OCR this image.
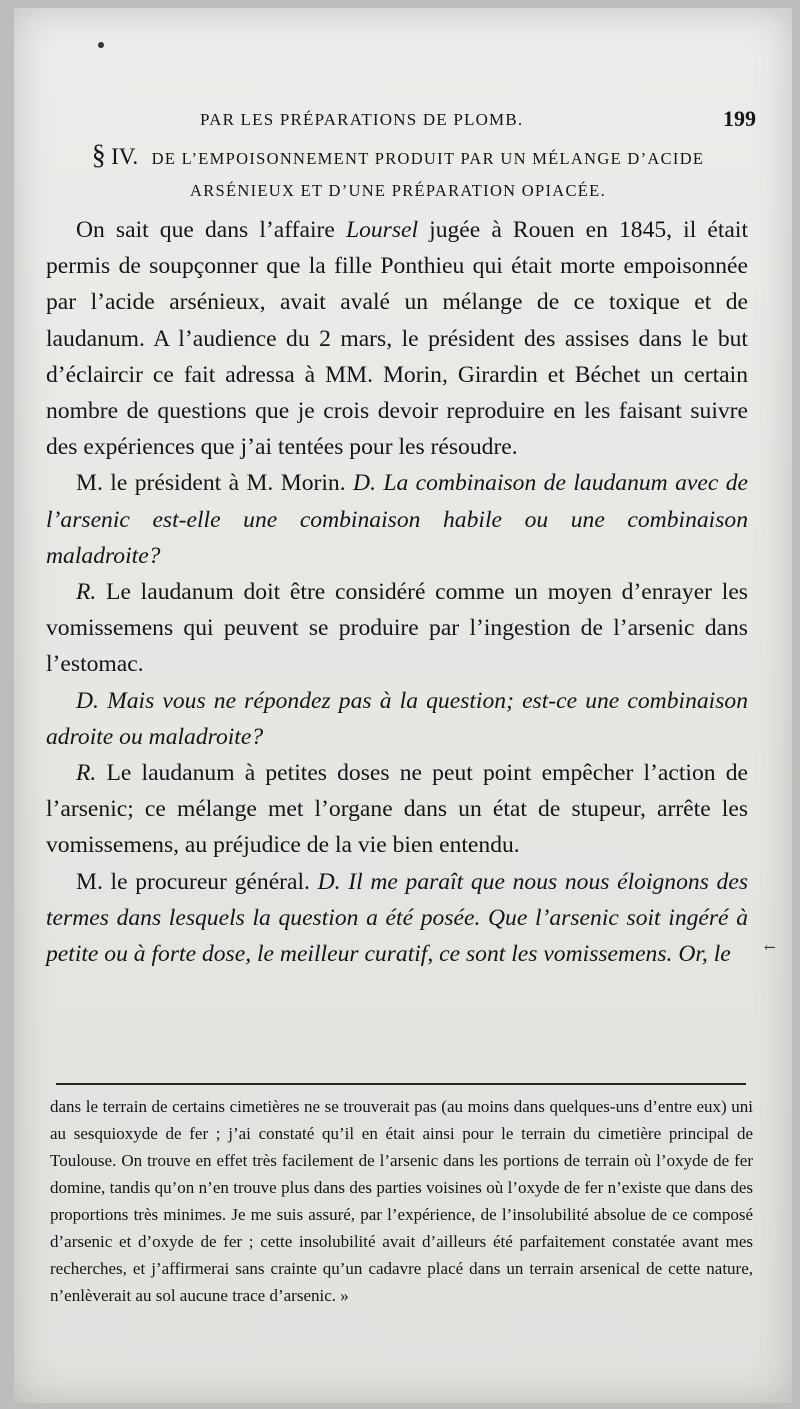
PAR LES PRÉPARATIONS DE PLOMB.	199
§ IV. DE L’EMPOISONNEMENT PRODUIT PAR UN MÉLANGE D’ACIDE ARSÉNIEUX ET D’UNE PRÉPARATION OPIACÉE.

On sait que dans l’affaire Loursel jugée à Rouen en 1845, il était permis de soupçonner que la fille Ponthieu qui était morte empoisonnée par l’acide arsénieux, avait avalé un mélange de ce toxique et de laudanum. A l’audience du 2 mars, le président des assises dans le but d’éclaircir ce fait adressa à MM. Morin, Girardin et Béchet un certain nombre de questions que je crois devoir reproduire en les faisant suivre des expériences que j’ai tentées pour les résoudre.

M. le président à M. Morin. D. La combinaison de laudanum avec de l’arsenic est-elle une combinaison habile ou une combinaison maladroite?

R. Le laudanum doit être considéré comme un moyen d’enrayer les vomissemens qui peuvent se produire par l’ingestion de l’arsenic dans l’estomac.

D. Mais vous ne répondez pas à la question; est-ce une combinaison adroite ou maladroite?

R. Le laudanum à petites doses ne peut point empêcher l’action de l’arsenic; ce mélange met l’organe dans un état de stupeur, arrête les vomissemens, au préjudice de la vie bien entendu.

M. le procureur général. D. Il me paraît que nous nous éloignons des termes dans lesquels la question a été posée. Que l’arsenic soit ingéré à petite ou à forte dose, le meilleur curatif, ce sont les vomissemens. Or, le	←

dans le terrain de certains cimetières ne se trouverait pas (au moins dans quelques-uns d’entre eux) uni au sesquioxyde de fer ; j’ai constaté qu’il en était ainsi pour le terrain du cimetière principal de Toulouse. On trouve en effet très facilement de l’arsenic dans les portions de terrain où l’oxyde de fer domine, tandis qu’on n’en trouve plus dans des parties voisines où l’oxyde de fer n’existe que dans des proportions très minimes. Je me suis assuré, par l’expérience, de l’insolubilité absolue de ce composé d’arsenic et d’oxyde de fer ; cette insolubilité avait d’ailleurs été parfaitement constatée avant mes recherches, et j’affirmerai sans crainte qu’un cadavre placé dans un terrain arsenical de cette nature, n’enlèverait au sol aucune trace d’arsenic. »
